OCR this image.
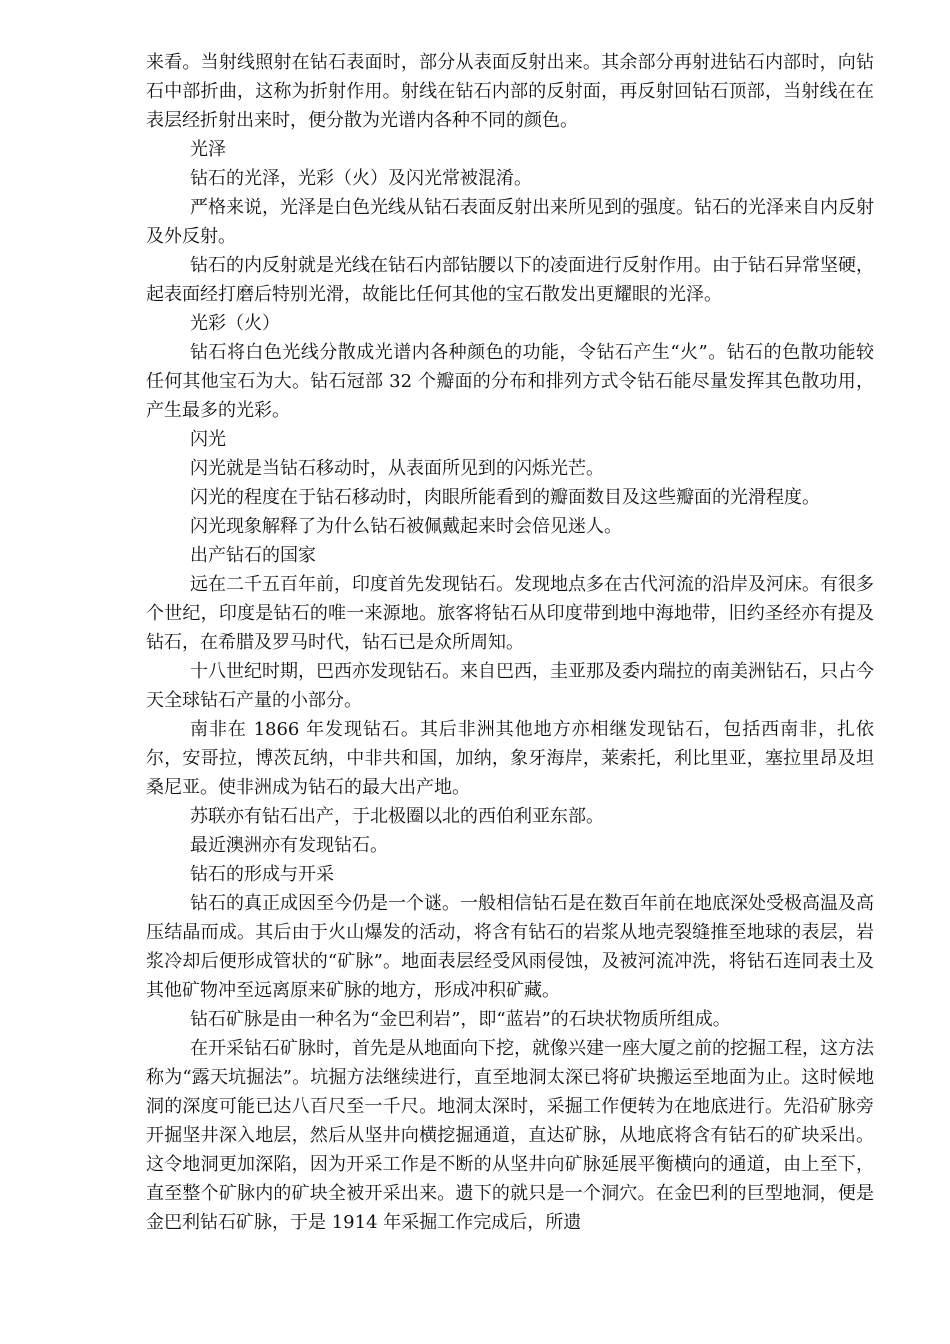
来看。当射线照射在钻石表面时，部分从表面反射出来。其余部分再射进钻石内部时，向钻石中部折曲，这称为折射作用。射线在钻石内部的反射面，再反射回钻石顶部，当射线在在表层经折射出来时，便分散为光谱内各种不同的颜色。

光泽

钻石的光泽，光彩（火）及闪光常被混淆。

严格来说，光泽是白色光线从钻石表面反射出来所见到的强度。钻石的光泽来自内反射及外反射。

钻石的内反射就是光线在钻石内部钻腰以下的凌面进行反射作用。由于钻石异常坚硬，起表面经打磨后特别光滑，故能比任何其他的宝石散发出更耀眼的光泽。

光彩（火）

钻石将白色光线分散成光谱内各种颜色的功能，令钻石产生“火”。钻石的色散功能较任何其他宝石为大。钻石冠部 32 个瓣面的分布和排列方式令钻石能尽量发挥其色散功用，产生最多的光彩。

闪光

闪光就是当钻石移动时，从表面所见到的闪烁光芒。

闪光的程度在于钻石移动时，肉眼所能看到的瓣面数目及这些瓣面的光滑程度。

闪光现象解释了为什么钻石被佩戴起来时会倍见迷人。

出产钻石的国家

远在二千五百年前，印度首先发现钻石。发现地点多在古代河流的沿岸及河床。有很多个世纪，印度是钻石的唯一来源地。旅客将钻石从印度带到地中海地带，旧约圣经亦有提及钻石，在希腊及罗马时代，钻石已是众所周知。

十八世纪时期，巴西亦发现钻石。来自巴西，圭亚那及委内瑞拉的南美洲钻石，只占今天全球钻石产量的小部分。

南非在 1866 年发现钻石。其后非洲其他地方亦相继发现钻石，包括西南非，扎依尔，安哥拉，博茨瓦纳，中非共和国，加纳，象牙海岸，莱索托，利比里亚，塞拉里昂及坦桑尼亚。使非洲成为钻石的最大出产地。

苏联亦有钻石出产，于北极圈以北的西伯利亚东部。

最近澳洲亦有发现钻石。

钻石的形成与开采

钻石的真正成因至今仍是一个谜。一般相信钻石是在数百年前在地底深处受极高温及高压结晶而成。其后由于火山爆发的活动，将含有钻石的岩浆从地壳裂缝推至地球的表层，岩浆冷却后便形成管状的“矿脉”。地面表层经受风雨侵蚀，及被河流冲洗，将钻石连同表土及其他矿物冲至远离原来矿脉的地方，形成冲积矿藏。

钻石矿脉是由一种名为“金巴利岩”，即“蓝岩”的石块状物质所组成。

在开采钻石矿脉时，首先是从地面向下挖，就像兴建一座大厦之前的挖掘工程，这方法称为“露天坑掘法”。坑掘方法继续进行，直至地洞太深已将矿块搬运至地面为止。这时候地洞的深度可能已达八百尺至一千尺。地洞太深时，采掘工作便转为在地底进行。先沿矿脉旁开掘坚井深入地层，然后从坚井向横挖掘通道，直达矿脉，从地底将含有钻石的矿块采出。这令地洞更加深陷，因为开采工作是不断的从坚井向矿脉延展平衡横向的通道，由上至下，直至整个矿脉内的矿块全被开采出来。遗下的就只是一个洞穴。在金巴利的巨型地洞，便是金巴利钻石矿脉，于是 1914 年采掘工作完成后，所遗
